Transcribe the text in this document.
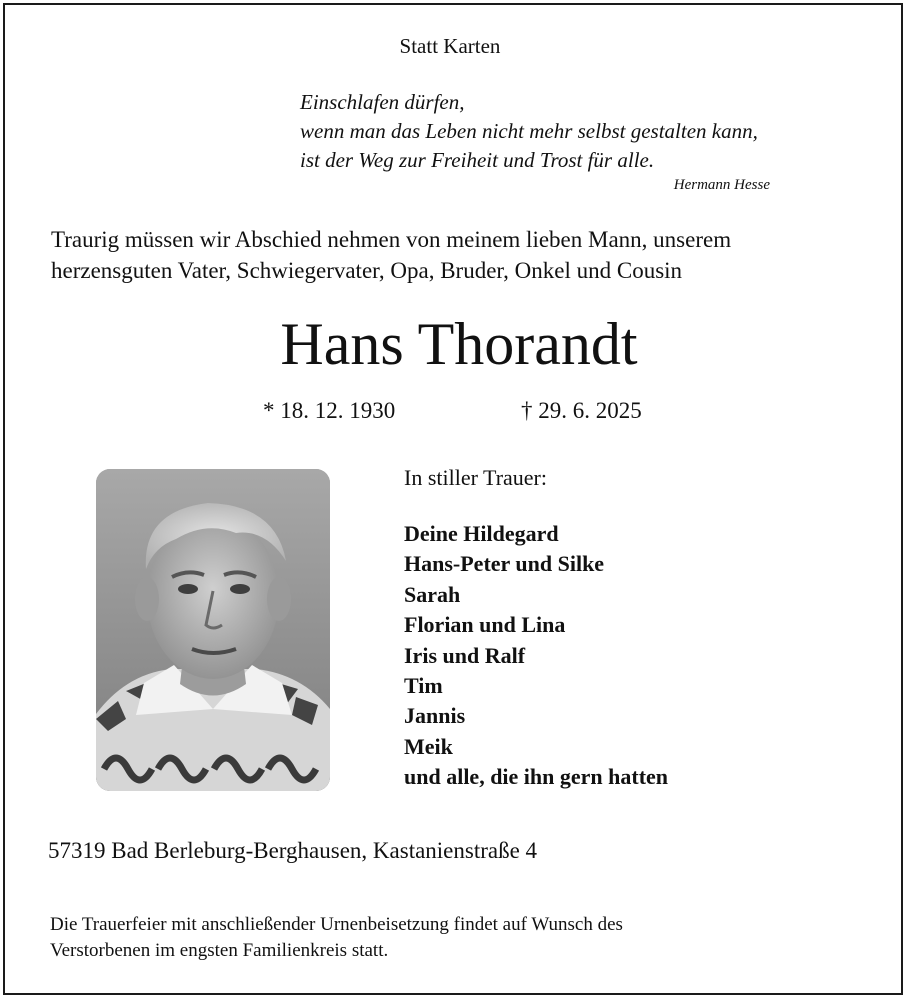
Statt Karten
Einschlafen dürfen,
wenn man das Leben nicht mehr selbst gestalten kann,
ist der Weg zur Freiheit und Trost für alle.
Hermann Hesse
Traurig müssen wir Abschied nehmen von meinem lieben Mann, unserem
herzensguten Vater, Schwiegervater, Opa, Bruder, Onkel und Cousin
Hans Thorandt
* 18. 12. 1930	† 29. 6. 2025
In stiller Trauer:
Deine Hildegard
Hans-Peter und Silke
Sarah
Florian und Lina
Iris und Ralf
Tim
Jannis
Meik
und alle, die ihn gern hatten
57319 Bad Berleburg-Berghausen, Kastanienstraße 4
Die Trauerfeier mit anschließender Urnenbeisetzung findet auf Wunsch des
Verstorbenen im engsten Familienkreis statt.
